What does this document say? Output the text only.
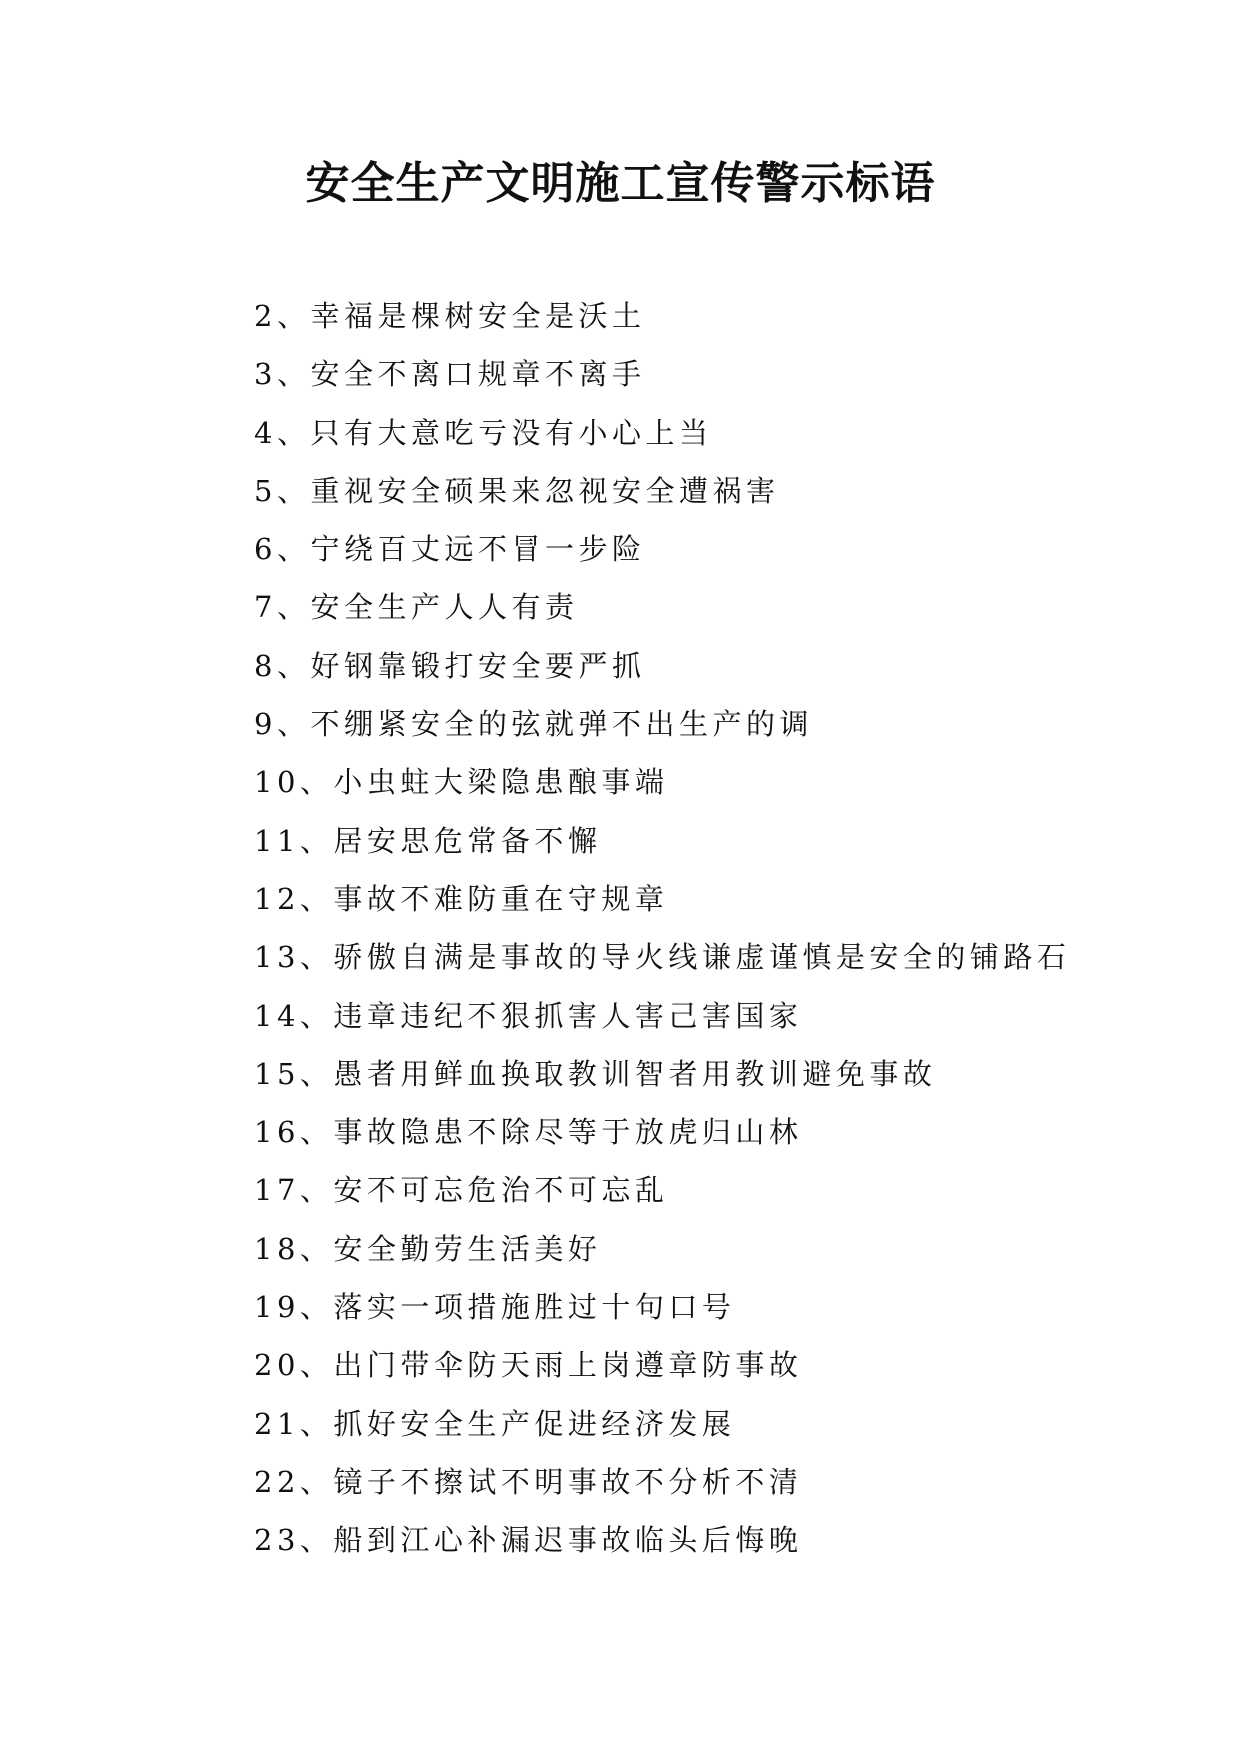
安全生产文明施工宣传警示标语
2、幸福是棵树安全是沃土
3、安全不离口规章不离手
4、只有大意吃亏没有小心上当
5、重视安全硕果来忽视安全遭祸害
6、宁绕百丈远不冒一步险
7、安全生产人人有责
8、好钢靠锻打安全要严抓
9、不绷紧安全的弦就弹不出生产的调
10、小虫蛀大梁隐患酿事端
11、居安思危常备不懈
12、事故不难防重在守规章
13、骄傲自满是事故的导火线谦虚谨慎是安全的铺路石
14、违章违纪不狠抓害人害己害国家
15、愚者用鲜血换取教训智者用教训避免事故
16、事故隐患不除尽等于放虎归山林
17、安不可忘危治不可忘乱
18、安全勤劳生活美好
19、落实一项措施胜过十句口号
20、出门带伞防天雨上岗遵章防事故
21、抓好安全生产促进经济发展
22、镜子不擦试不明事故不分析不清
23、船到江心补漏迟事故临头后悔晚
